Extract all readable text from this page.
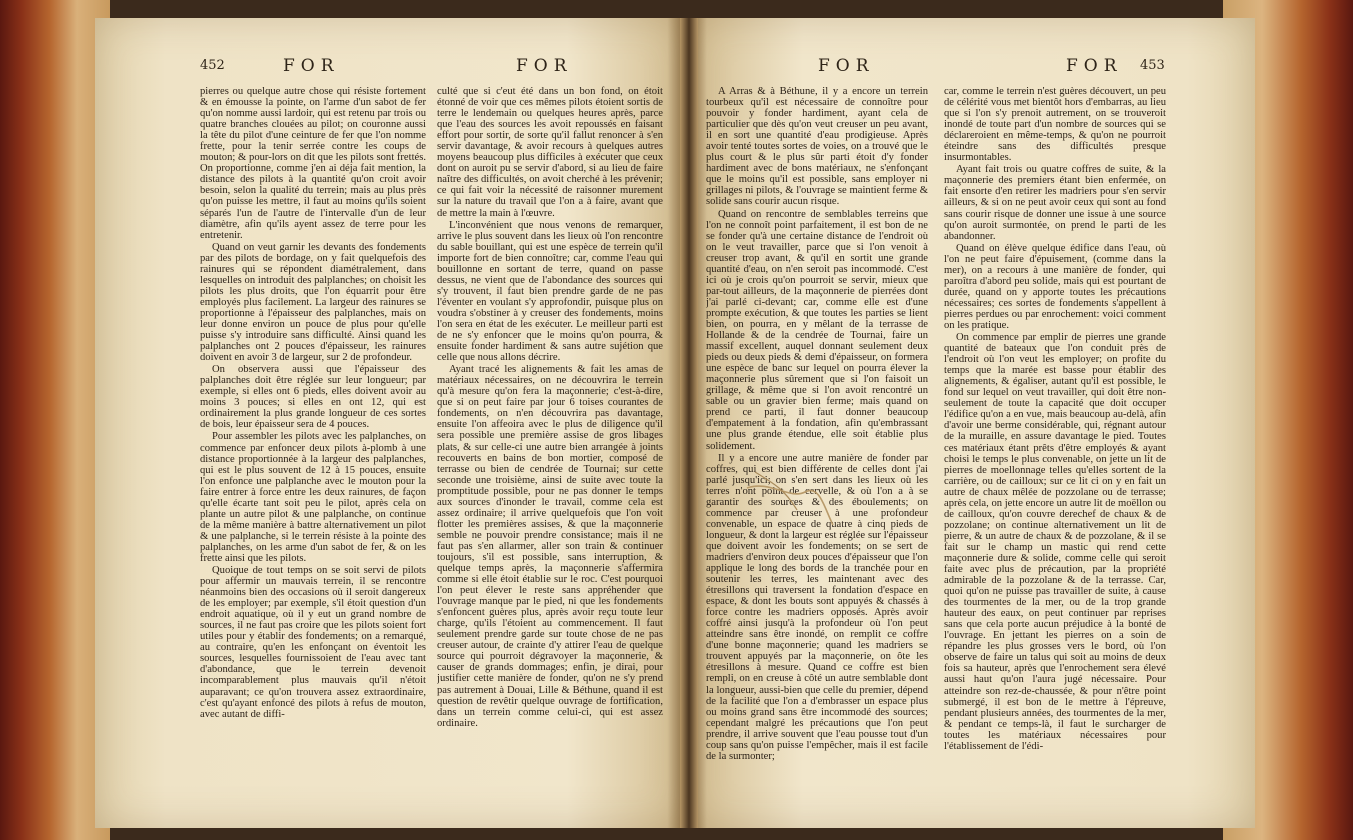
452	FOR	FOR	FOR	FOR 453

pierres ou quelque autre chose qui résiste fortement & en émousse la pointe, on l'arme d'un sabot de fer qu'on nomme aussi lardoir, qui est retenu par trois ou quatre branches clouées au pilot; on couronne aussi la tête du pilot d'une ceinture de fer que l'on nomme frette, pour la tenir serrée contre les coups de mouton; & pour-lors on dit que les pilots sont frettés. On proportionne, comme j'en ai déja fait mention, la distance des pilots à la quantité qu'on croit avoir besoin, selon la qualité du terrein; mais au plus près qu'on puisse les mettre, il faut au moins qu'ils soient séparés l'un de l'autre de l'intervalle d'un de leur diamètre, afin qu'ils ayent assez de terre pour les entretenir.

Quand on veut garnir les devants des fondements par des pilots de bordage, on y fait quelquefois des rainures qui se répondent diamétralement, dans lesquelles on introduit des palplanches; on choisit les pilots les plus droits, que l'on équarrit pour être employés plus facilement. La largeur des rainures se proportionne à l'épaisseur des palplanches, mais on leur donne environ un pouce de plus pour qu'elle puisse s'y introduire sans difficulté. Ainsi quand les palplanches ont 2 pouces d'épaisseur, les rainures doivent en avoir 3 de largeur, sur 2 de profondeur.

On observera aussi que l'épaisseur des palplanches doit être réglée sur leur longueur; par exemple, si elles ont 6 pieds, elles doivent avoir au moins 3 pouces; si elles en ont 12, qui est ordinairement la plus grande longueur de ces sortes de bois, leur épaisseur sera de 4 pouces.

Pour assembler les pilots avec les palplanches, on commence par enfoncer deux pilots à-plomb à une distance proportionnée à la largeur des palplanches, qui est le plus souvent de 12 à 15 pouces, ensuite l'on enfonce une palplanche avec le mouton pour la faire entrer à force entre les deux rainures, de façon qu'elle écarte tant soit peu le pilot, après cela on plante un autre pilot & une palplanche, on continue de la même manière à battre alternativement un pilot & une palplanche, si le terrein résiste à la pointe des palplanches, on les arme d'un sabot de fer, & on les frette ainsi que les pilots.

Quoique de tout temps on se soit servi de pilots pour affermir un mauvais terrein, il se rencontre néanmoins bien des occasions où il seroit dangereux de les employer; par exemple, s'il étoit question d'un endroit aquatique, où il y eut un grand nombre de sources, il ne faut pas croire que les pilots soient fort utiles pour y établir des fondements; on a remarqué, au contraire, qu'en les enfonçant on éventoit les sources, lesquelles fournissoient de l'eau avec tant d'abondance, que le terrein devenoit incomparablement plus mauvais qu'il n'étoit auparavant; ce qu'on trouvera assez extraordinaire, c'est qu'ayant enfoncé des pilots à refus de mouton, avec autant de diffi-

culté que si c'eut été dans un bon fond, on étoit étonné de voir que ces mêmes pilots étoient sortis de terre le lendemain ou quelques heures après, parce que l'eau des sources les avoit repoussés en faisant effort pour sortir, de sorte qu'il fallut renoncer à s'en servir davantage, & avoir recours à quelques autres moyens beaucoup plus difficiles à exécuter que ceux dont on auroit pu se servir d'abord, si au lieu de faire naître des difficultés, on avoit cherché à les prévenir; ce qui fait voir la nécessité de raisonner murement sur la nature du travail que l'on a à faire, avant que de mettre la main à l'œuvre.

L'inconvénient que nous venons de remarquer, arrive le plus souvent dans les lieux où l'on rencontre du sable bouillant, qui est une espèce de terrein qu'il importe fort de bien connoître; car, comme l'eau qui bouillonne en sortant de terre, quand on passe dessus, ne vient que de l'abondance des sources qui s'y trouvent, il faut bien prendre garde de ne pas l'éventer en voulant s'y approfondir, puisque plus on voudra s'obstiner à y creuser des fondements, moins l'on sera en état de les exécuter. Le meilleur parti est de ne s'y enfoncer que le moins qu'on pourra, & ensuite fonder hardiment & sans autre sujétion que celle que nous allons décrire.

Ayant tracé les alignements & fait les amas de matériaux nécessaires, on ne découvrira le terrein qu'à mesure qu'on fera la maçonnerie; c'est-à-dire, que si on peut faire par jour 6 toises courantes de fondements, on n'en découvrira pas davantage, ensuite l'on affeoira avec le plus de diligence qu'il sera possible une première assise de gros libages plats, & sur celle-ci une autre bien arrangée à joints recouverts en bains de bon mortier, composé de terrasse ou bien de cendrée de Tournai; sur cette seconde une troisième, ainsi de suite avec toute la promptitude possible, pour ne pas donner le temps aux sources d'inonder le travail, comme cela est assez ordinaire; il arrive quelquefois que l'on voit flotter les premières assises, & que la maçonnerie semble ne pouvoir prendre consistance; mais il ne faut pas s'en allarmer, aller son train & continuer toujours, s'il est possible, sans interruption, & quelque temps après, la maçonnerie s'affermira comme si elle étoit établie sur le roc. C'est pourquoi l'on peut élever le reste sans appréhender que l'ouvrage manque par le pied, ni que les fondements s'enfoncent guères plus, après avoir reçu toute leur charge, qu'ils l'étoient au commencement. Il faut seulement prendre garde sur toute chose de ne pas creuser autour, de crainte d'y attirer l'eau de quelque source qui pourroit dégravoyer la maçonnerie, & causer de grands dommages; enfin, je dirai, pour justifier cette manière de fonder, qu'on ne s'y prend pas autrement à Douai, Lille & Béthune, quand il est question de revêtir quelque ouvrage de fortification, dans un terrein comme celui-ci, qui est assez ordinaire.

A Arras & à Béthune, il y a encore un terrein tourbeux qu'il est nécessaire de connoître pour pouvoir y fonder hardiment, ayant cela de particulier que dès qu'on veut creuser un peu avant, il en sort une quantité d'eau prodigieuse. Après avoir tenté toutes sortes de voies, on a trouvé que le plus court & le plus sûr parti étoit d'y fonder hardiment avec de bons matériaux, ne s'enfonçant que le moins qu'il est possible, sans employer ni grillages ni pilots, & l'ouvrage se maintient ferme & solide sans courir aucun risque.

Quand on rencontre de semblables terreins que l'on ne connoît point parfaitement, il est bon de ne se fonder qu'à une certaine distance de l'endroit où on le veut travailler, parce que si l'on venoit à creuser trop avant, & qu'il en sortit une grande quantité d'eau, on n'en seroit pas incommodé. C'est ici où je crois qu'on pourroit se servir, mieux que par-tout ailleurs, de la maçonnerie de pierrées dont j'ai parlé ci-devant; car, comme elle est d'une prompte exécution, & que toutes les parties se lient bien, on pourra, en y mêlant de la terrasse de Hollande & de la cendrée de Tournai, faire un massif excellent, auquel donnant seulement deux pieds ou deux pieds & demi d'épaisseur, on formera une espèce de banc sur lequel on pourra élever la maçonnerie plus sûrement que si l'on faisoit un grillage, & même que si l'on avoit rencontré un sable ou un gravier bien ferme; mais quand on prend ce parti, il faut donner beaucoup d'empatement à la fondation, afin qu'embrassant une plus grande étendue, elle soit établie plus solidement.

Il y a encore une autre manière de fonder par coffres, qui est bien différente de celles dont j'ai parlé jusqu'ici; on s'en sert dans les lieux où les terres n'ont point de cervelle, & où l'on a à se garantir des sources & des éboulements; on commence par creuser à une profondeur convenable, un espace de quatre à cinq pieds de longueur, & dont la largeur est réglée sur l'épaisseur que doivent avoir les fondements; on se sert de madriers d'environ deux pouces d'épaisseur que l'on applique le long des bords de la tranchée pour en soutenir les terres, les maintenant avec des étresillons qui traversent la fondation d'espace en espace, & dont les bouts sont appuyés & chassés à force contre les madriers opposés. Après avoir coffré ainsi jusqu'à la profondeur où l'on peut atteindre sans être inondé, on remplit ce coffre d'une bonne maçonnerie; quand les madriers se trouvent appuyés par la maçonnerie, on ôte les étresillons à mesure. Quand ce coffre est bien rempli, on en creuse à côté un autre semblable dont la longueur, aussi-bien que celle du premier, dépend de la facilité que l'on a d'embrasser un espace plus ou moins grand sans être incommodé des sources; cependant malgré les précautions que l'on peut prendre, il arrive souvent que l'eau pousse tout d'un coup sans qu'on puisse l'empêcher, mais il est facile de la surmonter;

car, comme le terrein n'est guères découvert, un peu de célérité vous met bientôt hors d'embarras, au lieu que si l'on s'y prenoit autrement, on se trouveroit inondé de toute part d'un nombre de sources qui se déclareroient en même-temps, & qu'on ne pourroit éteindre sans des difficultés presque insurmontables.

Ayant fait trois ou quatre coffres de suite, & la maçonnerie des premiers étant bien enfermée, on fait ensorte d'en retirer les madriers pour s'en servir ailleurs, & si on ne peut avoir ceux qui sont au fond sans courir risque de donner une issue à une source qu'on auroit surmontée, on prend le parti de les abandonner.

Quand on élève quelque édifice dans l'eau, où l'on ne peut faire d'épuisement, (comme dans la mer), on a recours à une manière de fonder, qui paroîtra d'abord peu solide, mais qui est pourtant de durée, quand on y apporte toutes les précautions nécessaires; ces sortes de fondements s'appellent à pierres perdues ou par enrochement: voici comment on les pratique.

On commence par emplir de pierres une grande quantité de bateaux que l'on conduit près de l'endroit où l'on veut les employer; on profite du temps que la marée est basse pour établir des alignements, & égaliser, autant qu'il est possible, le fond sur lequel on veut travailler, qui doit être non-seulement de toute la capacité que doit occuper l'édifice qu'on a en vue, mais beaucoup au-delà, afin d'avoir une berme considérable, qui, régnant autour de la muraille, en assure davantage le pied. Toutes ces matériaux étant prêts d'être employés & ayant choisi le temps le plus convenable, on jette un lit de pierres de moellonnage telles qu'elles sortent de la carrière, ou de cailloux; sur ce lit ci on y en fait un autre de chaux mêlée de pozzolane ou de terrasse; après cela, on jette encore un autre lit de moëllon ou de cailloux, qu'on couvre derechef de chaux & de pozzolane; on continue alternativement un lit de pierre, & un autre de chaux & de pozzolane, & il se fait sur le champ un mastic qui rend cette maçonnerie dure & solide, comme celle qui seroit faite avec plus de précaution, par la propriété admirable de la pozzolane & de la terrasse. Car, quoi qu'on ne puisse pas travailler de suite, à cause des tourmentes de la mer, ou de la trop grande hauteur des eaux, on peut continuer par reprises sans que cela porte aucun préjudice à la bonté de l'ouvrage. En jettant les pierres on a soin de répandre les plus grosses vers le bord, où l'on observe de faire un talus qui soit au moins de deux fois sa hauteur, après que l'enrochement sera élevé aussi haut qu'on l'aura jugé nécessaire. Pour atteindre son rez-de-chaussée, & pour n'être point submergé, il est bon de le mettre à l'épreuve, pendant plusieurs années, des tourmentes de la mer, & pendant ce temps-là, il faut le surcharger de toutes les matériaux nécessaires pour l'établissement de l'édi-
